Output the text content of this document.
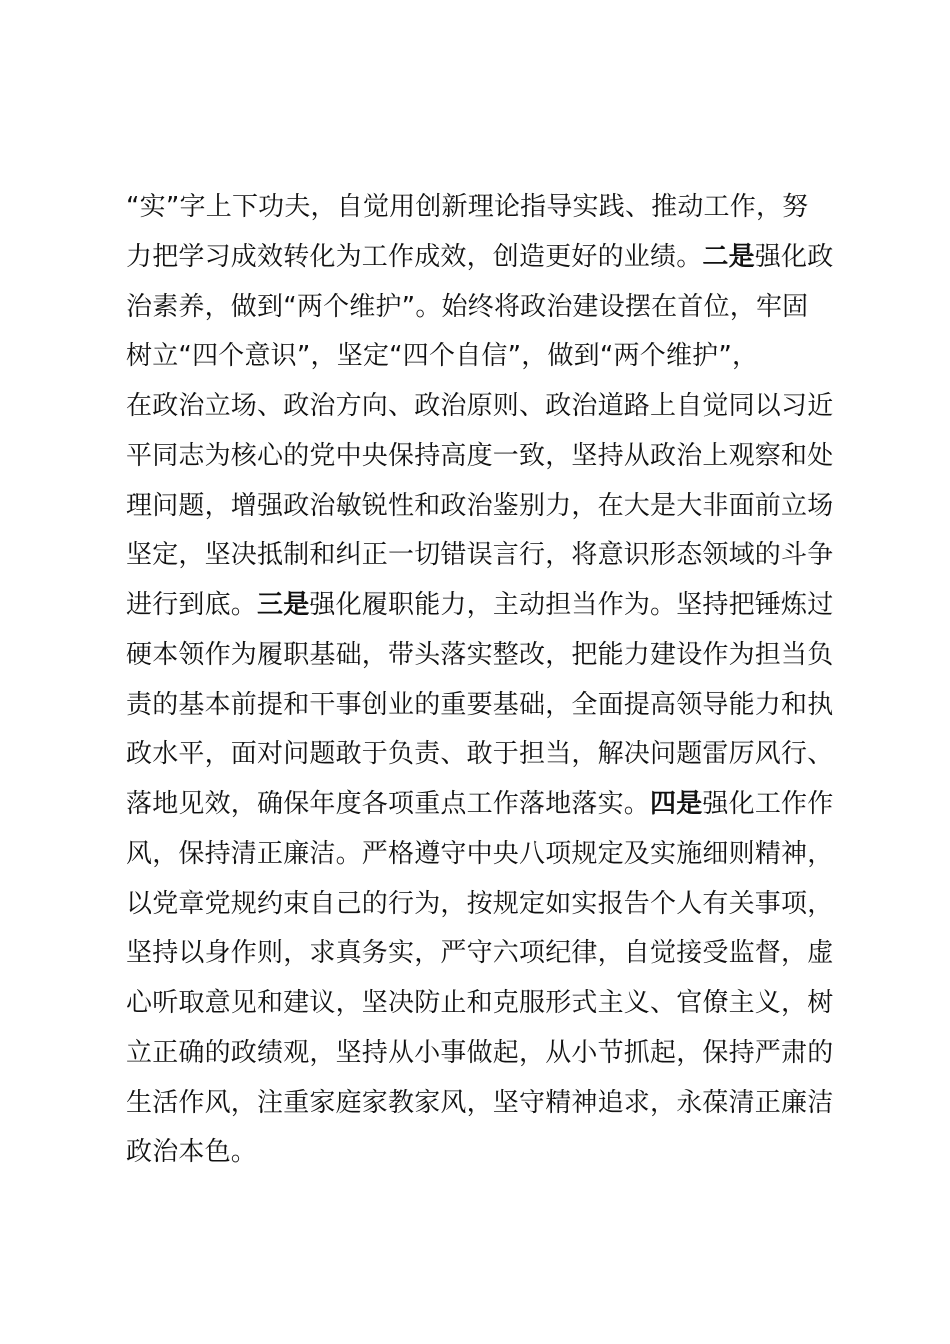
“实”字上下功夫，自觉用创新理论指导实践、推动工作，努
力把学习成效转化为工作成效，创造更好的业绩。二是强化政
治素养，做到“两个维护”。始终将政治建设摆在首位，牢固
树立“四个意识”，坚定“四个自信”，做到“两个维护”，
在政治立场、政治方向、政治原则、政治道路上自觉同以习近
平同志为核心的党中央保持高度一致，坚持从政治上观察和处
理问题，增强政治敏锐性和政治鉴别力，在大是大非面前立场
坚定，坚决抵制和纠正一切错误言行，将意识形态领域的斗争
进行到底。三是强化履职能力，主动担当作为。坚持把锤炼过
硬本领作为履职基础，带头落实整改，把能力建设作为担当负
责的基本前提和干事创业的重要基础，全面提高领导能力和执
政水平，面对问题敢于负责、敢于担当，解决问题雷厉风行、
落地见效，确保年度各项重点工作落地落实。四是强化工作作
风，保持清正廉洁。严格遵守中央八项规定及实施细则精神，
以党章党规约束自己的行为，按规定如实报告个人有关事项，
坚持以身作则，求真务实，严守六项纪律，自觉接受监督，虚
心听取意见和建议，坚决防止和克服形式主义、官僚主义，树
立正确的政绩观，坚持从小事做起，从小节抓起，保持严肃的
生活作风，注重家庭家教家风，坚守精神追求，永葆清正廉洁
政治本色。
